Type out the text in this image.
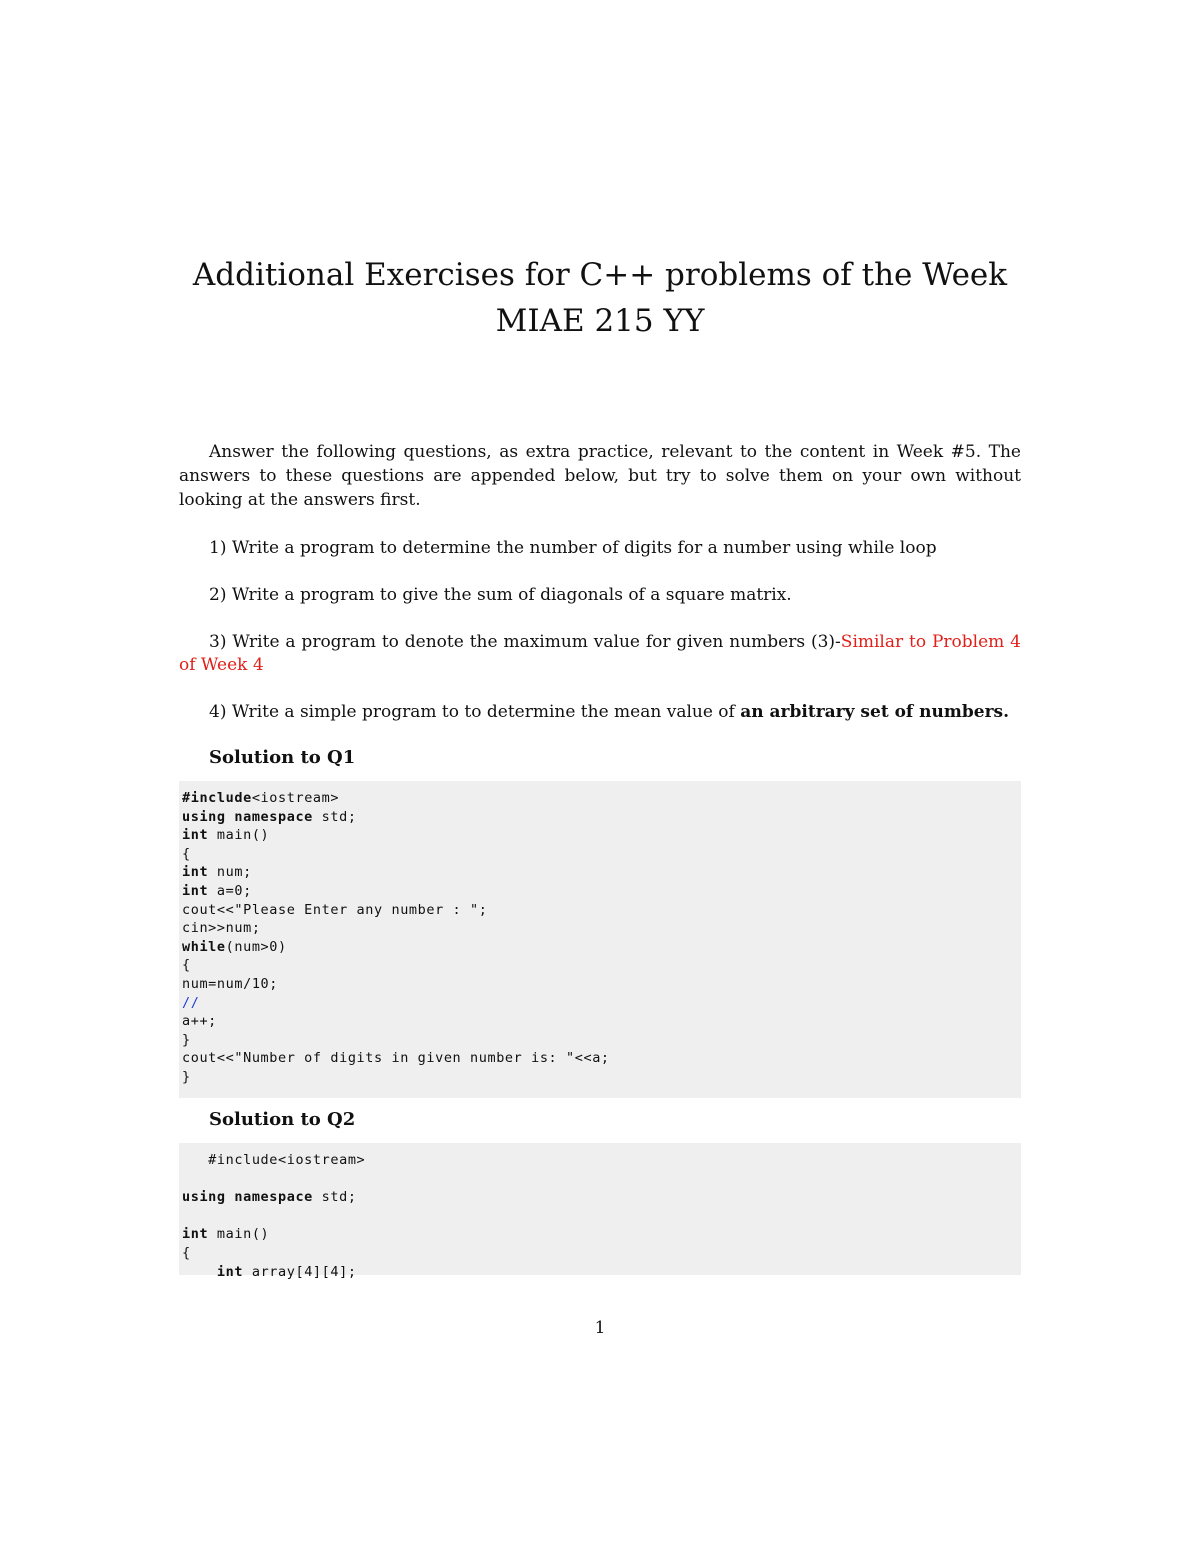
Additional Exercises for C++ problems of the Week
MIAE 215 YY

Answer the following questions, as extra practice, relevant to the content in Week #5. The answers to these questions are appended below, but try to solve them on your own without looking at the answers first.

1) Write a program to determine the number of digits for a number using while loop

2) Write a program to give the sum of diagonals of a square matrix.

3) Write a program to denote the maximum value for given numbers (3)-Similar to Problem 4 of Week 4

4) Write a simple program to to determine the mean value of an arbitrary set of numbers.

Solution to Q1

#include<iostream>
using namespace std;
int main()
{
int num;
int a=0;
cout<<"Please Enter any number : ";
cin>>num;
while(num>0)
{
num=num/10;
//
a++;
}
cout<<"Number of digits in given number is: "<<a;
}

Solution to Q2

#include<iostream>
using namespace std;
int main()
{
int array[4][4];
1
